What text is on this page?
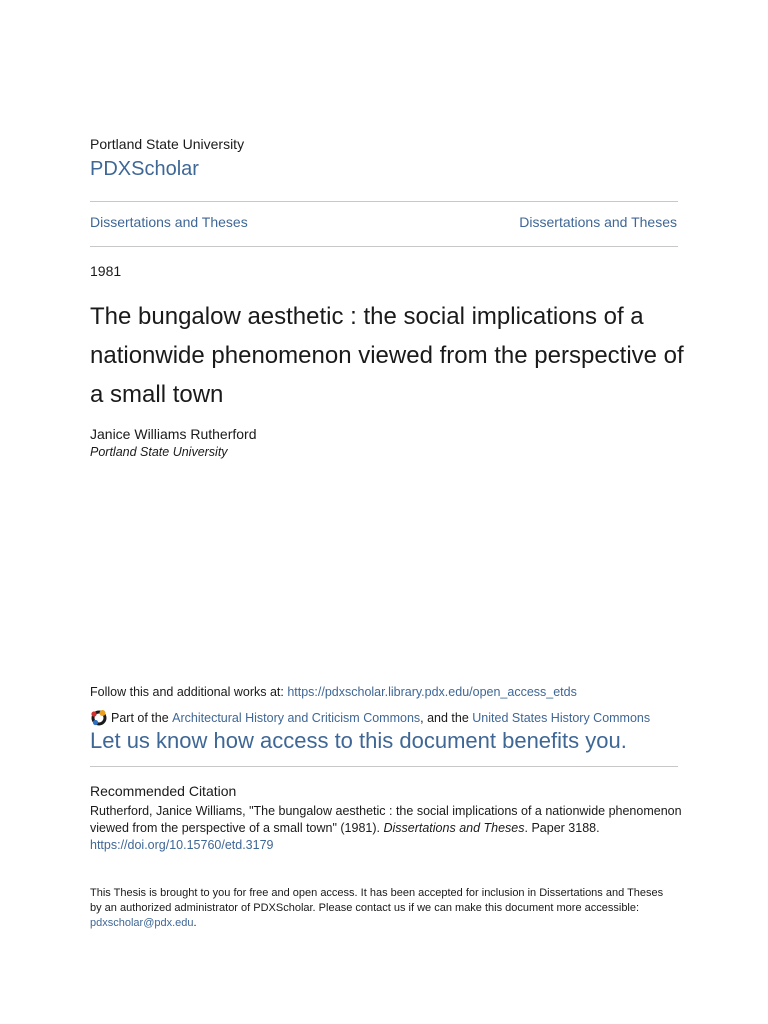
Portland State University
PDXScholar
Dissertations and Theses	Dissertations and Theses
1981
The bungalow aesthetic : the social implications of a nationwide phenomenon viewed from the perspective of a small town
Janice Williams Rutherford
Portland State University
Follow this and additional works at: https://pdxscholar.library.pdx.edu/open_access_etds
Part of the
Architectural History and Criticism Commons , and the United States History Commons
Let us know how access to this document benefits you.
Recommended Citation
Rutherford, Janice Williams, "The bungalow aesthetic : the social implications of a nationwide phenomenon viewed from the perspective of a small town" (1981). Dissertations and Theses. Paper 3188.
https://doi.org/10.15760/etd.3179
This Thesis is brought to you for free and open access. It has been accepted for inclusion in Dissertations and Theses by an authorized administrator of PDXScholar. Please contact us if we can make this document more accessible: pdxscholar@pdx.edu.
